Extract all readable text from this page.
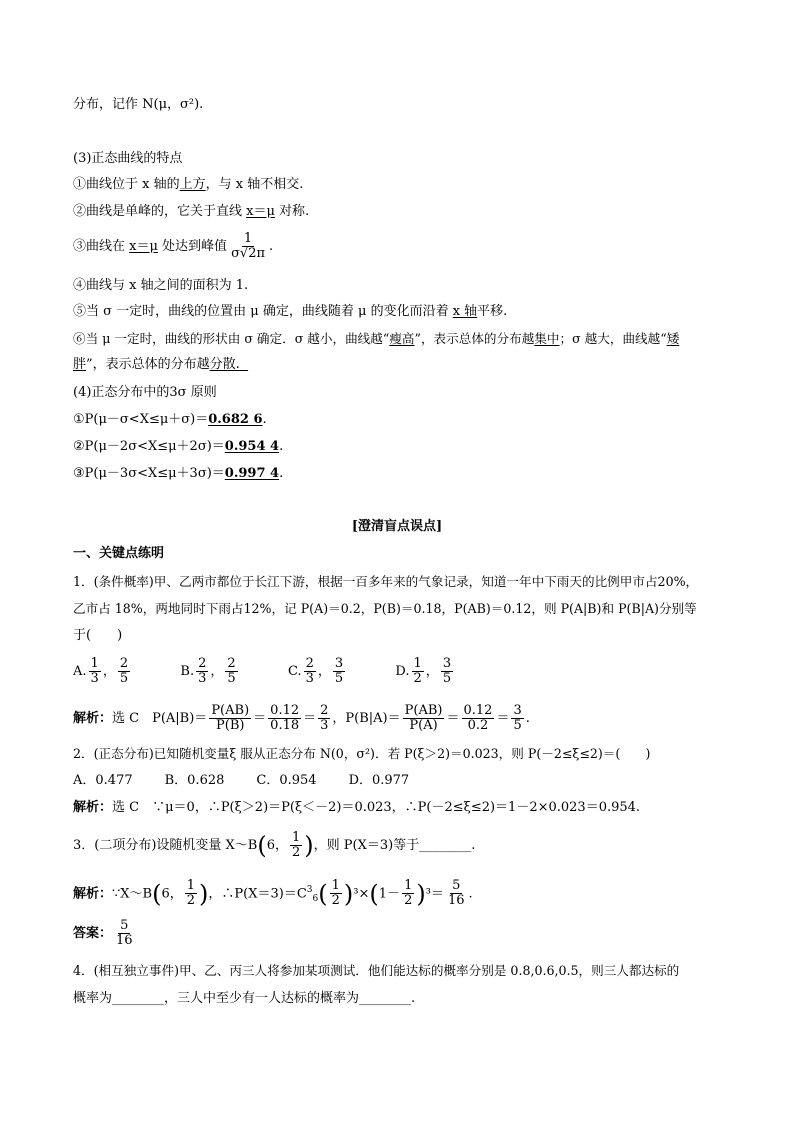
分布，记作 N(μ，σ²).
(3)正态曲线的特点
①曲线位于 x 轴的上方，与 x 轴不相交.
②曲线是单峰的，它关于直线 x＝μ 对称.
③曲线在 x＝μ 处达到峰值 $\frac{1}{\sigma√2\pi}$ .
④曲线与 x 轴之间的面积为 1.
⑤当 σ 一定时，曲线的位置由 μ 确定，曲线随着 μ 的变化而沿着 x 轴平移.
⑥当 μ 一定时，曲线的形状由 σ 确定．σ 越小，曲线越“瘦高”，表示总体的分布越集中；σ 越大，曲线越“矮
胖”，表示总体的分布越分散.
(4)正态分布中的3σ 原则
①P(μ－σ<X≤μ＋σ)＝0.682 6.
②P(μ－2σ<X≤μ＋2σ)＝0.954 4.
③P(μ－3σ<X≤μ＋3σ)＝0.997 4.
[澄清盲点误点]
一、关键点练明
1．(条件概率)甲、乙两市都位于长江下游，根据一百多年来的气象记录，知道一年中下雨天的比例甲市占20%，
乙市占 18%，两地同时下雨占12%，记 P(A)＝0.2，P(B)＝0.18，P(AB)＝0.12，则 P(A|B)和 P(B|A)分别等
于(　　)
A. $\frac{1}{3}$ ， $\frac{2}{5}$	B. $\frac{2}{3}$ ， $\frac{2}{5}$	C. $\frac{2}{3}$ ， $\frac{3}{5}$	D. $\frac{1}{2}$ ， $\frac{3}{5}$
解析：选 C　$P(A|B)= \frac{P(AB)}{P(B)} = \frac{0.12}{0.18} = \frac{2}{3}$ ，$P(B|A)= \frac{P(AB)}{P(A)} = \frac{0.12}{0.2} = \frac{3}{5}$ .
2．(正态分布)已知随机变量ξ 服从正态分布 N(0，σ²)．若 P(ξ＞2)＝0.023，则 P(－2≤ξ≤2)＝(　　)
A．0.477 B．0.628 C．0.954 D．0.977
解析：选 C　∵μ＝0，∴P(ξ＞2)＝P(ξ＜－2)＝0.023，∴P(－2≤ξ≤2)＝1－2×0.023＝0.954.
3．(二项分布)设随机变量 X～B(6， $\frac{1}{2}$ )，则 P(X＝3)等于________.
解析：∵X～B(6， $\frac{1}{2}$ )，$\therefore P(X=3)=C^3_6( \frac{1}{2} )^3\times(1- \frac{1}{2} )^3= \frac{5}{16}$ .
答案： $\frac{5}{16}$
4．(相互独立事件)甲、乙、丙三人将参加某项测试．他们能达标的概率分别是 0.8,0.6,0.5，则三人都达标的
概率为________，三人中至少有一人达标的概率为________.
